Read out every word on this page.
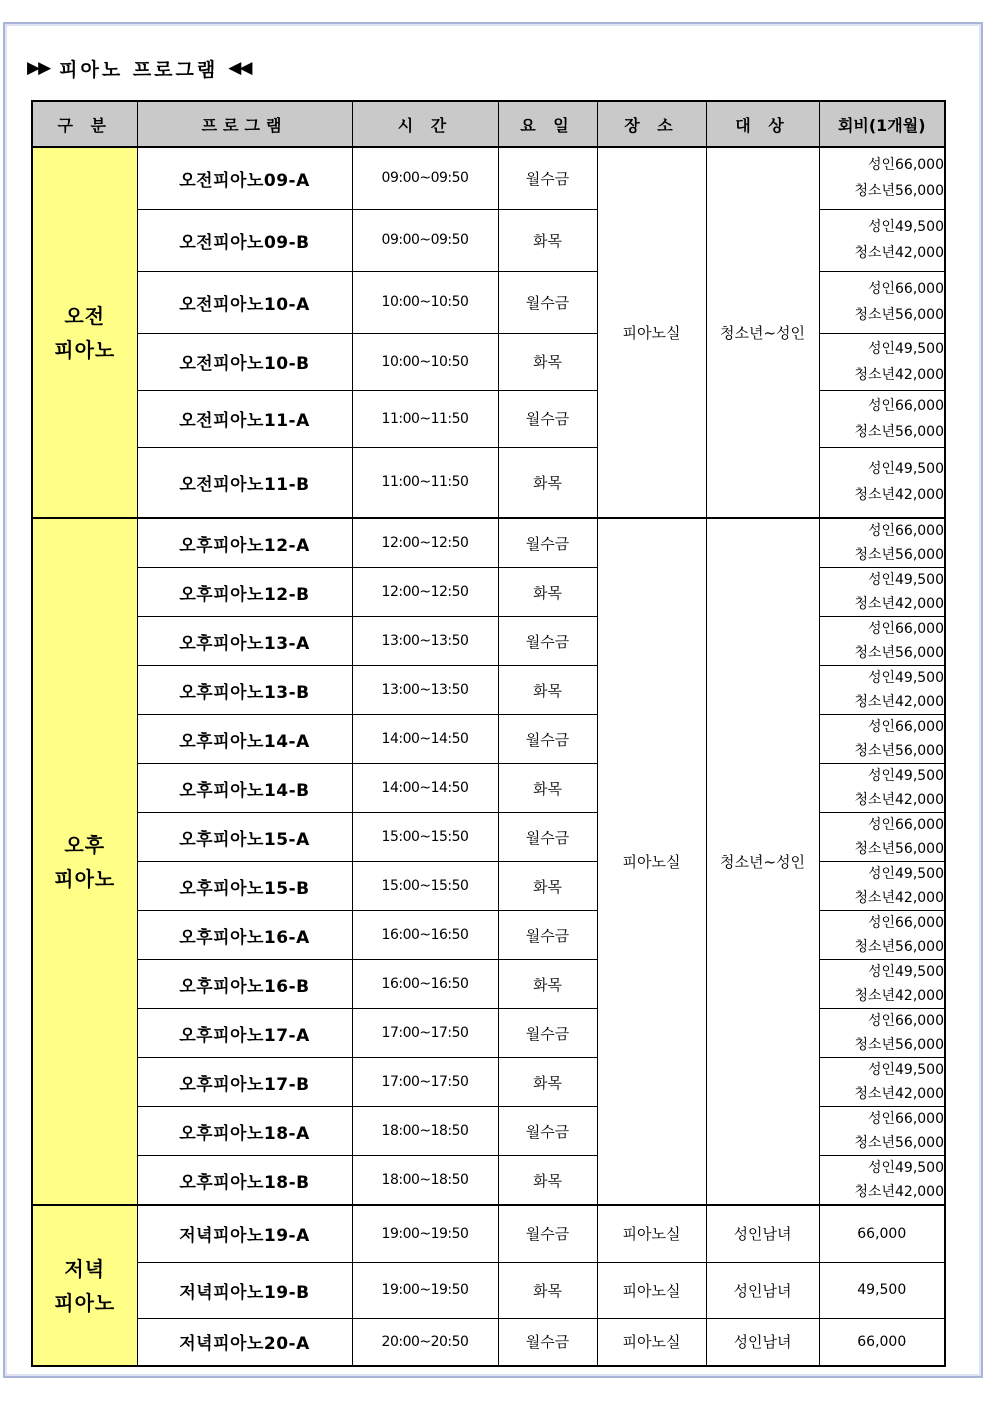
▶▶ 피아노 프로그램 ◀◀
구 분	프로그램	시 간	요 일	장 소	대 상	회비(1개월)
오전
피아노	오전피아노09-A	09:00~09:50	월수금	피아노실	청소년~성인	성인66,000
청소년56,000

	오전피아노09-B	09:00~09:50	화목			성인49,500
청소년42,000

	오전피아노10-A	10:00~10:50	월수금			성인66,000
청소년56,000

	오전피아노10-B	10:00~10:50	화목			성인49,500
청소년42,000

	오전피아노11-A	11:00~11:50	월수금			성인66,000
청소년56,000

	오전피아노11-B	11:00~11:50	화목			성인49,500
청소년42,000

오후
피아노	오후피아노12-A	12:00~12:50	월수금	피아노실	청소년~성인	성인66,000
청소년56,000

	오후피아노12-B	12:00~12:50	화목			성인49,500
청소년42,000

	오후피아노13-A	13:00~13:50	월수금			성인66,000
청소년56,000

	오후피아노13-B	13:00~13:50	화목			성인49,500
청소년42,000

	오후피아노14-A	14:00~14:50	월수금			성인66,000
청소년56,000

	오후피아노14-B	14:00~14:50	화목			성인49,500
청소년42,000

	오후피아노15-A	15:00~15:50	월수금			성인66,000
청소년56,000

	오후피아노15-B	15:00~15:50	화목			성인49,500
청소년42,000

	오후피아노16-A	16:00~16:50	월수금			성인66,000
청소년56,000

	오후피아노16-B	16:00~16:50	화목			성인49,500
청소년42,000

	오후피아노17-A	17:00~17:50	월수금			성인66,000
청소년56,000

	오후피아노17-B	17:00~17:50	화목			성인49,500
청소년42,000

	오후피아노18-A	18:00~18:50	월수금			성인66,000
청소년56,000

	오후피아노18-B	18:00~18:50	화목			성인49,500
청소년42,000

저녁
피아노	저녁피아노19-A	19:00~19:50	월수금	피아노실	성인남녀	66,000
	저녁피아노19-B	19:00~19:50	화목	피아노실	성인남녀	49,500
	저녁피아노20-A	20:00~20:50	월수금	피아노실	성인남녀	66,000
